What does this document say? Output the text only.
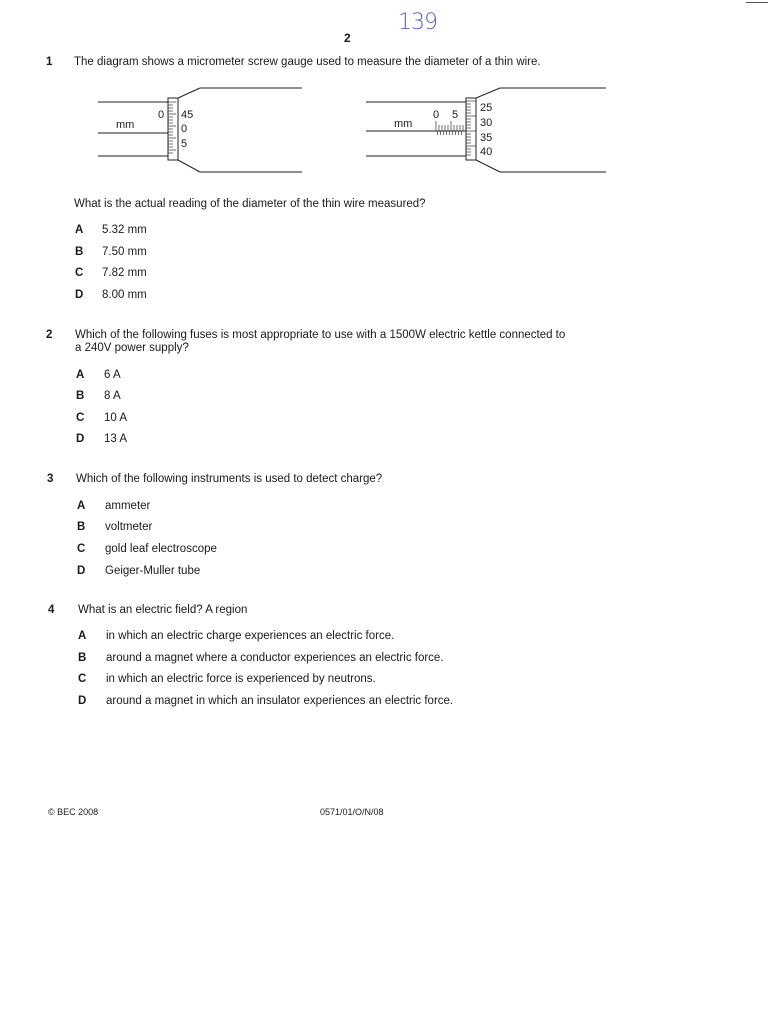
139
2
1 The diagram shows a micrometer screw gauge used to measure the diameter of a thin wire.
mm
0 45
0
5
mm
0 5
25
30
35
40
What is the actual reading of the diameter of the thin wire measured?
A 5.32 mm
B 7.50 mm
C 7.82 mm
D 8.00 mm
2 Which of the following fuses is most appropriate to use with a 1500W electric kettle connected to
a 240V power supply?
A 6 A
B 8 A
C 10 A
D 13 A
3 Which of the following instruments is used to detect charge?
A ammeter
B voltmeter
C gold leaf electroscope
D Geiger-Muller tube
4 What is an electric field? A region
A in which an electric charge experiences an electric force.
B around a magnet where a conductor experiences an electric force.
C in which an electric force is experienced by neutrons.
D around a magnet in which an insulator experiences an electric force.
© BEC 2008	0571/01/O/N/08
